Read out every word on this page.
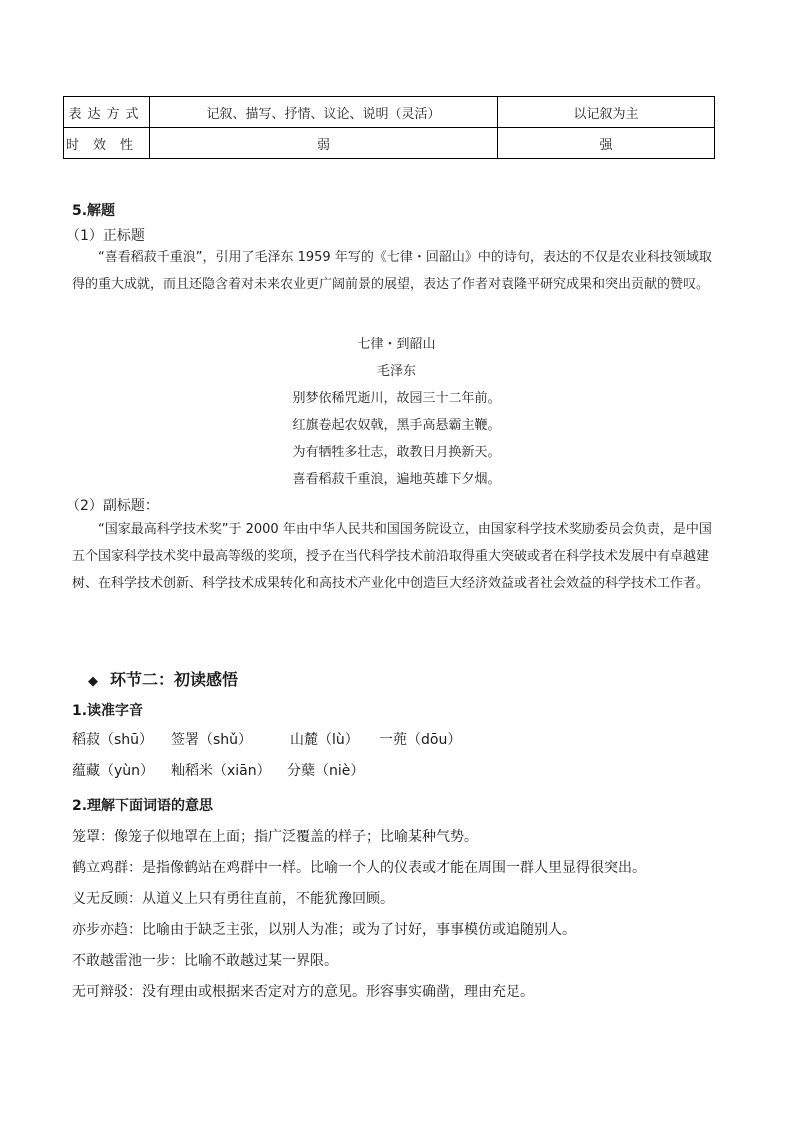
表达方式	记叙、描写、抒情、议论、说明（灵活）	以记叙为主
时效性	弱	强
5.解题
（1）正标题
“喜看稻菽千重浪”，引用了毛泽东 1959 年写的《七律・回韶山》中的诗句，表达的不仅是农业科技领域取得的重大成就，而且还隐含着对未来农业更广阔前景的展望，表达了作者对袁隆平研究成果和突出贡献的赞叹。
七律・到韶山
毛泽东
别梦依稀咒逝川，故园三十二年前。
红旗卷起农奴戟，黑手高悬霸主鞭。
为有牺牲多壮志，敢教日月换新天。
喜看稻菽千重浪，遍地英雄下夕烟。
（2）副标题：
“国家最高科学技术奖”于 2000 年由中华人民共和国国务院设立，由国家科学技术奖励委员会负责，是中国五个国家科学技术奖中最高等级的奖项，授予在当代科学技术前沿取得重大突破或者在科学技术发展中有卓越建树、在科学技术创新、科学技术成果转化和高技术产业化中创造巨大经济效益或者社会效益的科学技术工作者。
◆ 环节二：初读感悟
1.读准字音
稻菽（shū） 签署（shǔ）	山麓（lù） 一蔸（dōu）
蕴藏（yùn） 籼稻米（xiān） 分蘖（niè）
2.理解下面词语的意思
笼罩：像笼子似地罩在上面；指广泛覆盖的样子；比喻某种气势。
鹤立鸡群：是指像鹤站在鸡群中一样。比喻一个人的仪表或才能在周围一群人里显得很突出。
义无反顾：从道义上只有勇往直前，不能犹豫回顾。
亦步亦趋：比喻由于缺乏主张，以别人为准；或为了讨好，事事模仿或追随别人。
不敢越雷池一步：比喻不敢越过某一界限。
无可辩驳：没有理由或根据来否定对方的意见。形容事实确凿，理由充足。
